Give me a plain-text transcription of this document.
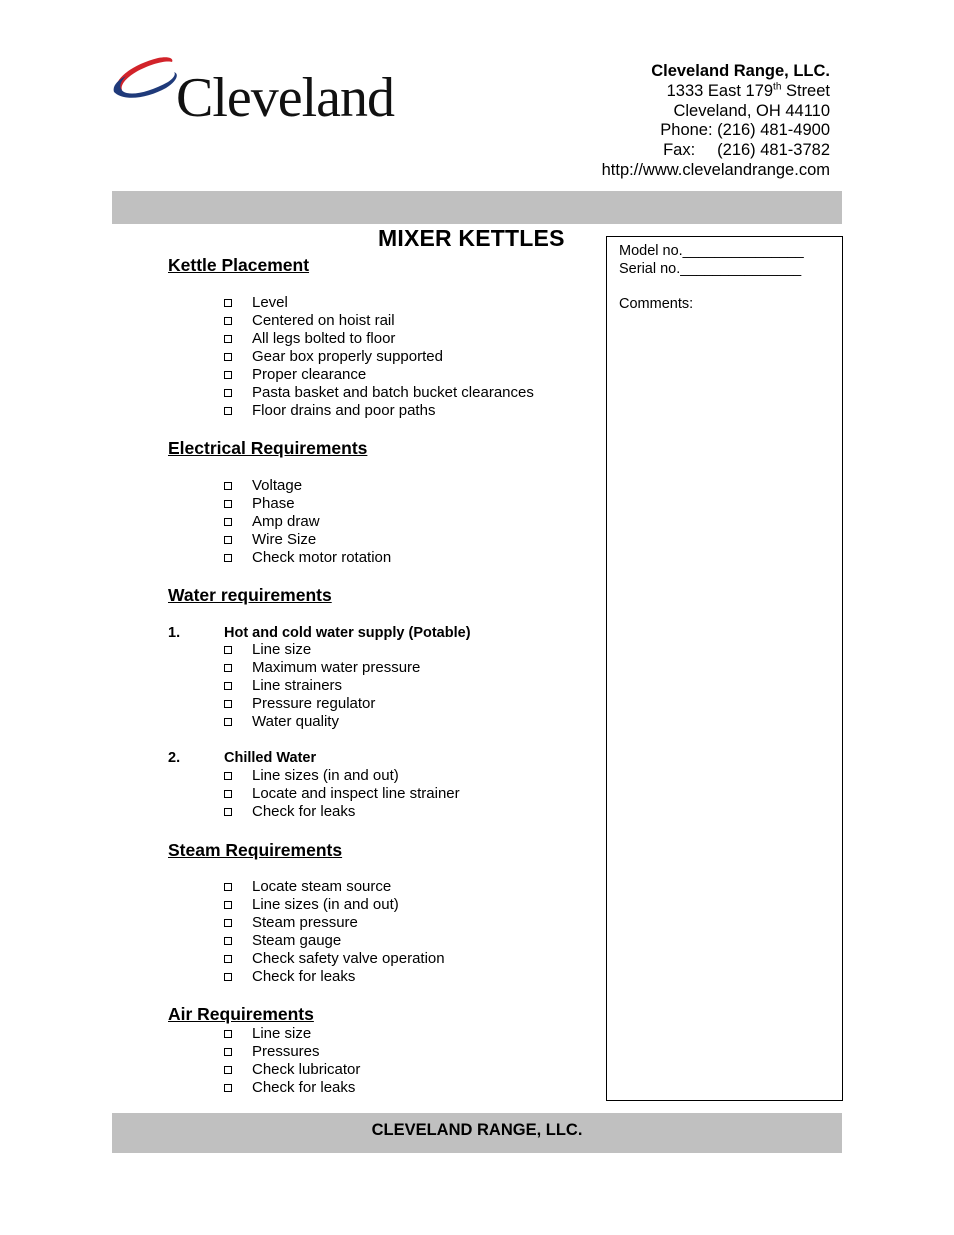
Cleveland	Cleveland Range, LLC.
1333 East 179th Street
Cleveland, OH 44110
Phone: (216) 481-4900
Fax: (216) 481-3782
http://www.clevelandrange.com
MIXER KETTLES	Model no._______________
Serial no._______________
Comments:
Kettle Placement
Level
Centered on hoist rail
All legs bolted to floor
Gear box properly supported
Proper clearance
Pasta basket and batch bucket clearances
Floor drains and poor paths
Electrical Requirements
Voltage
Phase
Amp draw
Wire Size
Check motor rotation
Water requirements
1.	Hot and cold water supply (Potable)
Line size
Maximum water pressure
Line strainers
Pressure regulator
Water quality
2.	Chilled Water
Line sizes (in and out)
Locate and inspect line strainer
Check for leaks
Steam Requirements
Locate steam source
Line sizes (in and out)
Steam pressure
Steam gauge
Check safety valve operation
Check for leaks
Air Requirements
Line size
Pressures
Check lubricator
Check for leaks
CLEVELAND RANGE, LLC.
